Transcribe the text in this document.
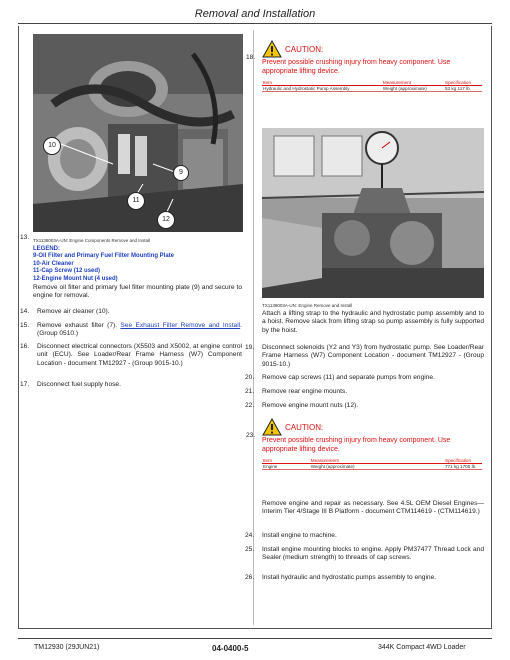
Removal and Installation
10
9
11
12
TX1138003A-UN: Engine Components Remove and Install
13.
LEGEND:
9-Oil Filter and Primary Fuel Filter Mounting Plate
10-Air Cleaner
11-Cap Screw (12 used)
12-Engine Mount Nut (4 used)
Remove oil filter and primary fuel filter mounting plate (9) and secure to engine for removal.
14. Remove air cleaner (10).
15. Remove exhaust filter (7). See Exhaust Filter Remove and Install. (Group 0510.)
16. Disconnect electrical connectors (X5503 and X5002, at engine control unit (ECU). See Loader/Rear Frame Harness (W7) Component Location - document TM12927 - (Group 9015-10.)
17. Disconnect fuel supply hose.
18.
CAUTION:
Prevent possible crushing injury from heavy component. Use appropriate lifting device.
Item	Measurement	Specification
Hydraulic and Hydrostatic Pump Assembly	Weight (approximate)	53 kg 117 lb.
TX1138003A-UN: Engine Remove and Install
Attach a lifting strap to the hydraulic and hydrostatic pump assembly and to a hoist. Remove slack from lifting strap so pump assembly is fully supported by the hoist.
19. Disconnect solenoids (Y2 and Y3) from hydrostatic pump. See Loader/Rear Frame Harness (W7) Component Location - document TM12927 - (Group 9015-10.)
20. Remove cap screws (11) and separate pumps from engine.
21. Remove rear engine mounts.
22. Remove engine mount nuts (12).
23.
CAUTION:
Prevent possible crushing injury from heavy component. Use appropriate lifting device.
Item	Measurement	Specification
Engine	Weight (approximate)	771 kg 1700 lb.
Remove engine and repair as necessary. See 4.5L OEM Diesel Engines—Interim Tier 4/Stage III B Platform - document CTM114619 - (CTM114619.)
24. Install engine to machine.
25. Install engine mounting blocks to engine. Apply PM37477 Thread Lock and Sealer (medium strength) to threads of cap screws.
26. Install hydraulic and hydrostatic pumps assembly to engine.
TM12930 (29JUN21)	04-0400-5	344K Compact 4WD Loader
